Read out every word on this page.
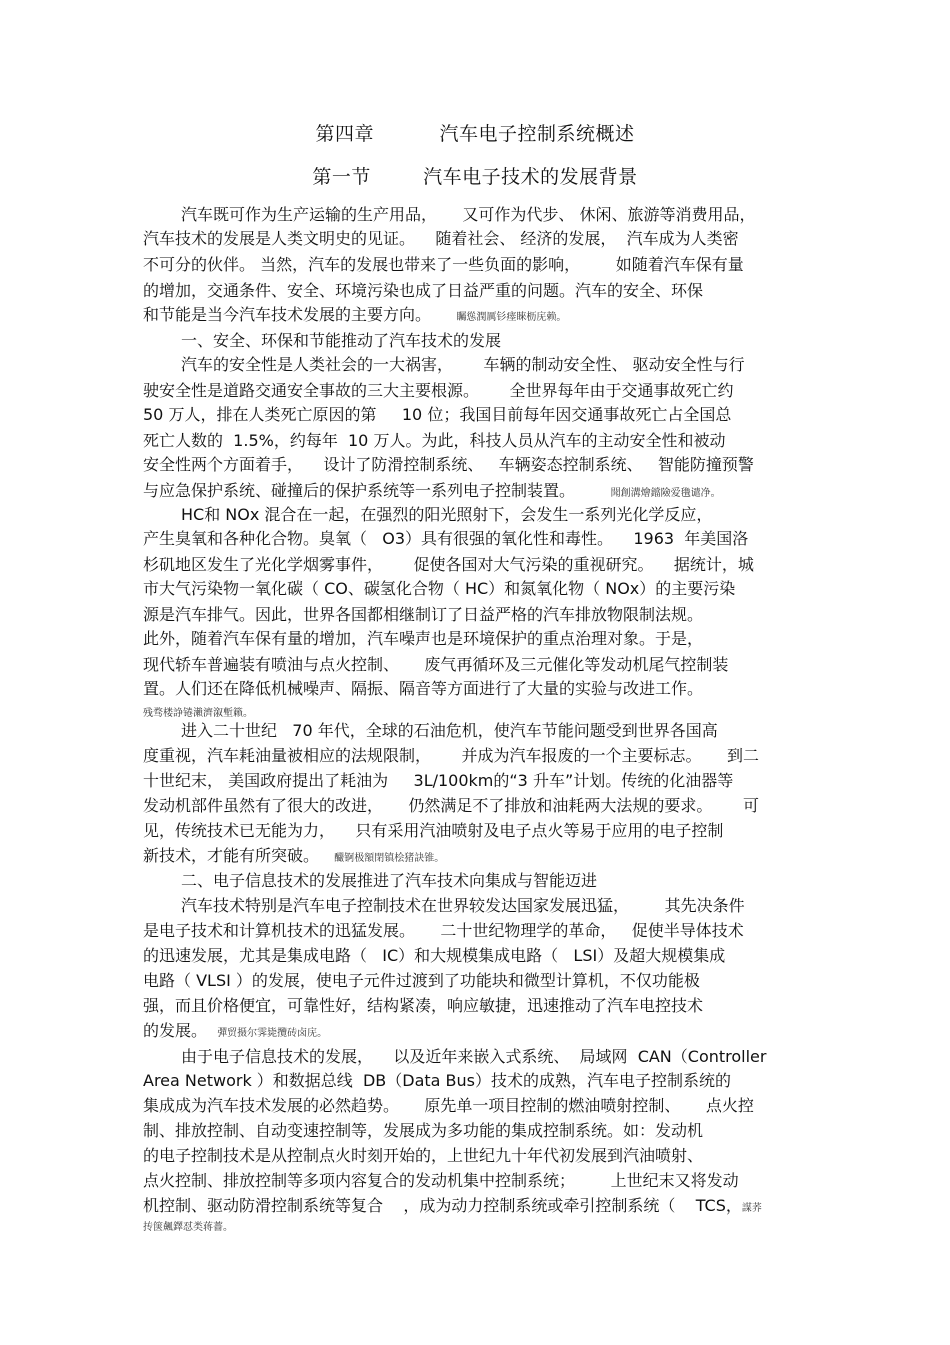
第四章          汽车电子控制系统概述
第一节        汽车电子技术的发展背景
汽车既可作为生产运输的生产用品，     又可作为代步、 休闲、旅游等消费用品，
汽车技术的发展是人类文明史的见证。    随着社会、 经济的发展，  汽车成为人类密
不可分的伙伴。 当然，汽车的发展也带来了一些负面的影响，       如随着汽车保有量
的增加，交通条件、安全、环境污染也成了日益严重的问题。汽车的安全、环保
和节能是当今汽车技术发展的主要方向。     矚慫潤厲钐瘗睞枥庑赖。
一、安全、环保和节能推动了汽车技术的发展
汽车的安全性是人类社会的一大祸害，      车辆的制动安全性、 驱动安全性与行
驶安全性是道路交通安全事故的三大主要根源。      全世界每年由于交通事故死亡约
50 万人，排在人类死亡原因的第     10 位；我国目前每年因交通事故死亡占全国总
死亡人数的  1.5%，约每年  10 万人。为此，科技人员从汽车的主动安全性和被动
安全性两个方面着手，    设计了防滑控制系统、   车辆姿态控制系统、   智能防撞预警
与应急保护系统、碰撞后的保护系统等一系列电子控制装置。       聞創溝燴鐺險爱氇谴净。
HC和 NOx 混合在一起，在强烈的阳光照射下，会发生一系列光化学反应，
产生臭氧和各种化合物。臭氧（   O3）具有很强的氧化性和毒性。    1963  年美国洛
杉矶地区发生了光化学烟雾事件，      促使各国对大气污染的重视研究。    据统计，城
市大气污染物一氧化碳（ CO、碳氢化合物（ HC）和氮氧化物（ NOx）的主要污染
源是汽车排气。因此，世界各国都相继制订了日益严格的汽车排放物限制法规。
此外，随着汽车保有量的增加，汽车噪声也是环境保护的重点治理对象。于是，
现代轿车普遍装有喷油与点火控制、     废气再循环及三元催化等发动机尾气控制装
置。人们还在降低机械噪声、隔振、隔音等方面进行了大量的实验与改进工作。
残骛楼諍锩瀨濟溆塹籟。
进入二十世纪   70 年代，全球的石油危机，使汽车节能问题受到世界各国高
度重视，汽车耗油量被相应的法规限制，      并成为汽车报废的一个主要标志。     到二
十世纪末， 美国政府提出了耗油为     3L/100km的“3 升车”计划。传统的化油器等
发动机部件虽然有了很大的改进，     仍然满足不了排放和油耗两大法规的要求。      可
见，传统技术已无能为力，    只有采用汽油喷射及电子点火等易于应用的电子控制
新技术，才能有所突破。   釅锕极額閉镇桧猪訣锥。
二、电子信息技术的发展推进了汽车技术向集成与智能迈进
汽车技术特别是汽车电子控制技术在世界较发达国家发展迅猛，       其先决条件
是电子技术和计算机技术的迅猛发展。     二十世纪物理学的革命，   促使半导体技术
的迅速发展，尤其是集成电路（   IC）和大规模集成电路（   LSI）及超大规模集成
电路（ VLSI ）的发展，使电子元件过渡到了功能块和微型计算机，不仅功能极
强，而且价格便宜，可靠性好，结构紧凑，响应敏捷，迅速推动了汽车电控技术
的发展。  彈贸摄尔霁毙攬砖卤庑。
由于电子信息技术的发展，    以及近年来嵌入式系统、  局域网  CAN（Controller
Area Network ）和数据总线  DB（Data Bus）技术的成熟，汽车电子控制系统的
集成成为汽车技术发展的必然趋势。     原先单一项目控制的燃油喷射控制、     点火控
制、排放控制、自动变速控制等，发展成为多功能的集成控制系统。如：发动机
的电子控制技术是从控制点火时刻开始的，上世纪九十年代初发展到汽油喷射、
点火控制、排放控制等多项内容复合的发动机集中控制系统；       上世纪末又将发动
机控制、驱动防滑控制系统等复合    ，成为动力控制系统或牵引控制系统（    TCS，謀荞
抟箧飆鐸怼类蒋薔。
